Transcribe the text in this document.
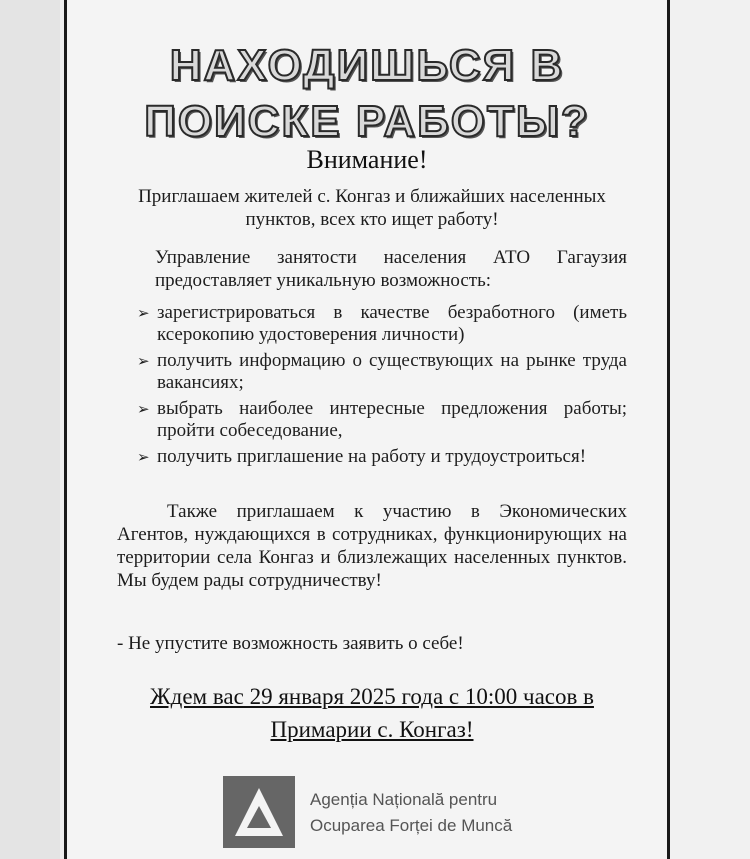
НАХОДИШЬСЯ В
ПОИСКЕ РАБОТЫ?
Внимание!
Приглашаем жителей с. Конгаз и ближайших населенных пунктов, всех кто ищет работу!
Управление занятости населения АТО Гагаузия предоставляет уникальную возможность:
➢ зарегистрироваться в качестве безработного (иметь ксерокопию удостоверения личности)
➢ получить информацию о существующих на рынке труда вакансиях;
➢ выбрать наиболее интересные предложения работы; пройти собеседование,
➢ получить приглашение на работу и трудоустроиться!
Также приглашаем к участию в Экономических Агентов, нуждающихся в сотрудниках, функционирующих на территории села Конгаз и близлежащих населенных пунктов. Мы будем рады сотрудничеству!
- Не упустите возможность заявить о себе!
Ждем вас 29 января 2025 года с 10:00 часов в
Примарии с. Конгаз!
Agenția Națională pentru
Ocuparea Forței de Muncă
